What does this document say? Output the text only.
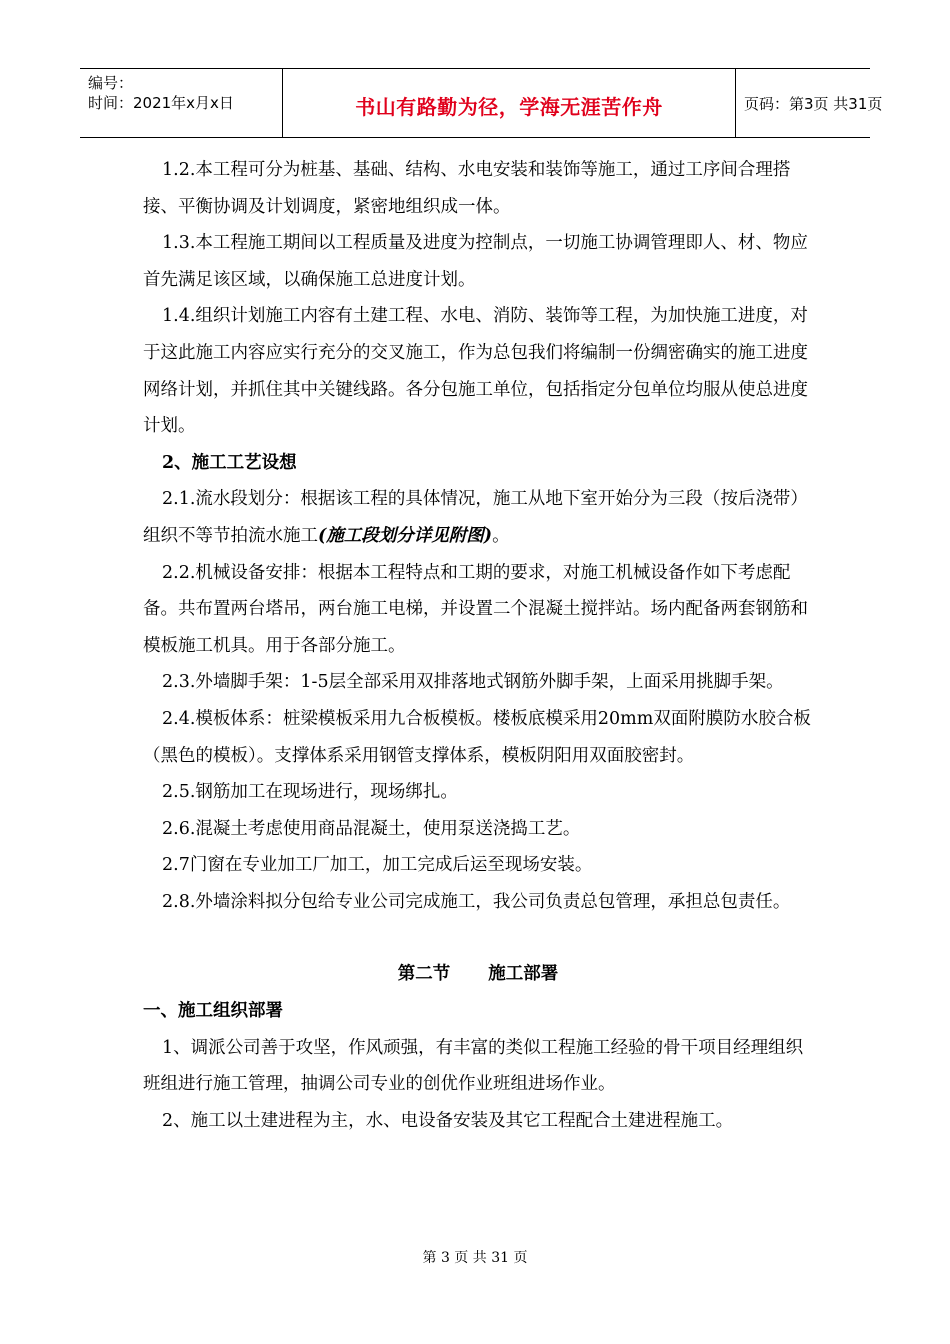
编号：
时间：2021年x月x日	书山有路勤为径，学海无涯苦作舟	页码：第3页 共31页

1.2.本工程可分为桩基、基础、结构、水电安装和装饰等施工，通过工序间合理搭接、平衡协调及计划调度，紧密地组织成一体。

1.3.本工程施工期间以工程质量及进度为控制点，一切施工协调管理即人、材、物应首先满足该区域，以确保施工总进度计划。

1.4.组织计划施工内容有土建工程、水电、消防、装饰等工程，为加快施工进度，对于这此施工内容应实行充分的交叉施工，作为总包我们将编制一份绸密确实的施工进度网络计划，并抓住其中关键线路。各分包施工单位，包括指定分包单位均服从使总进度计划。

2、施工工艺设想

2.1.流水段划分：根据该工程的具体情况，施工从地下室开始分为三段（按后浇带）组织不等节拍流水施工(施工段划分详见附图)。

2.2.机械设备安排：根据本工程特点和工期的要求，对施工机械设备作如下考虑配备。共布置两台塔吊，两台施工电梯，并设置二个混凝土搅拌站。场内配备两套钢筋和模板施工机具。用于各部分施工。

2.3.外墙脚手架：1-5层全部采用双排落地式钢筋外脚手架，上面采用挑脚手架。

2.4.模板体系：桩梁模板采用九合板模板。楼板底模采用20mm双面附膜防水胶合板（黑色的模板）。支撑体系采用钢管支撑体系，模板阴阳用双面胶密封。

2.5.钢筋加工在现场进行，现场绑扎。

2.6.混凝土考虑使用商品混凝土，使用泵送浇捣工艺。

2.7门窗在专业加工厂加工，加工完成后运至现场安装。

2.8.外墙涂料拟分包给专业公司完成施工，我公司负责总包管理，承担总包责任。

第二节 施工部署

一、施工组织部署

1、调派公司善于攻坚，作风顽强，有丰富的类似工程施工经验的骨干项目经理组织班组进行施工管理，抽调公司专业的创优作业班组进场作业。

2、施工以土建进程为主，水、电设备安装及其它工程配合土建进程施工。

第 3 页 共 31 页
